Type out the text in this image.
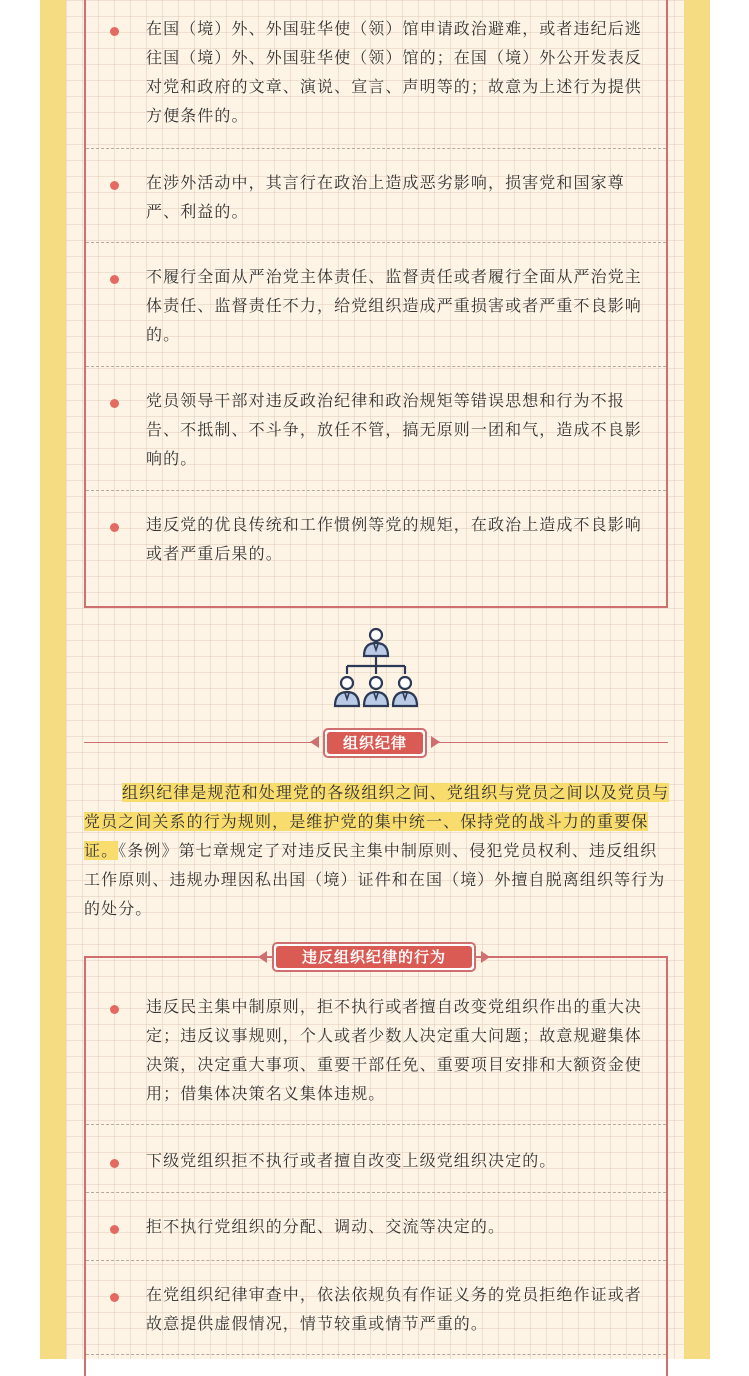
在国（境）外、外国驻华使（领）馆申请政治避难，或者违纪后逃往国（境）外、外国驻华使（领）馆的；在国（境）外公开发表反对党和政府的文章、演说、宣言、声明等的；故意为上述行为提供方便条件的。
在涉外活动中，其言行在政治上造成恶劣影响，损害党和国家尊严、利益的。
不履行全面从严治党主体责任、监督责任或者履行全面从严治党主体责任、监督责任不力，给党组织造成严重损害或者严重不良影响的。
党员领导干部对违反政治纪律和政治规矩等错误思想和行为不报告、不抵制、不斗争，放任不管，搞无原则一团和气，造成不良影响的。
违反党的优良传统和工作惯例等党的规矩，在政治上造成不良影响或者严重后果的。
组织纪律
组织纪律是规范和处理党的各级组织之间、党组织与党员之间以及党员与党员之间关系的行为规则，是维护党的集中统一、保持党的战斗力的重要保证。《条例》第七章规定了对违反民主集中制原则、侵犯党员权利、违反组织工作原则、违规办理因私出国（境）证件和在国（境）外擅自脱离组织等行为的处分。
违反组织纪律的行为
违反民主集中制原则，拒不执行或者擅自改变党组织作出的重大决定；违反议事规则，个人或者少数人决定重大问题；故意规避集体决策，决定重大事项、重要干部任免、重要项目安排和大额资金使用；借集体决策名义集体违规。
下级党组织拒不执行或者擅自改变上级党组织决定的。
拒不执行党组织的分配、调动、交流等决定的。
在党组织纪律审查中，依法依规负有作证义务的党员拒绝作证或者故意提供虚假情况，情节较重或情节严重的。
